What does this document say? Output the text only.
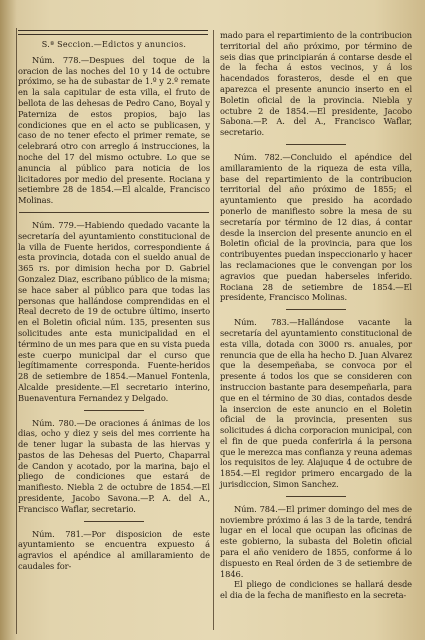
S.ª Seccion.—Edictos y anuncios.

Núm. 778.—Despues del toque de la oracion de las noches del 10 y 14 de octubre próximo, se ha de subastar de 1.º y 2.º remate en la sala capitular de esta villa, el fruto de bellota de las dehesas de Pedro Cano, Boyal y Paterniza de estos propios, bajo las condiciones que en el acto se publicasen, y caso de no tener efecto el primer remate, se celebrará otro con arreglo á instrucciones, la noche del 17 del mismo octubre. Lo que se anuncia al público para noticia de los licitadores por medio del presente. Rociana y setiembre 28 de 1854.—El alcalde, Francisco Molinas.

Núm. 779.—Habiendo quedado vacante la secretaría del ayuntamiento constitucional de la villa de Fuente heridos, correspondiente á esta provincia, dotada con el sueldo anual de 365 rs. por dimision hecha por D. Gabriel Gonzalez Diaz, escribano público de la misma; se hace saber al público para que todas las personas que hallándose comprendidas en el Real decreto de 19 de octubre último, inserto en el Boletin oficial núm. 135, presenten sus solicitudes ante esta municipalidad en el término de un mes para que en su vista pueda este cuerpo municipal dar el curso que legítimamente corresponda. Fuente-heridos 28 de setiembre de 1854.—Manuel Fontenla, Alcalde presidente.—El secretario interino, Buenaventura Fernandez y Delgado.

Núm. 780.—De oraciones á ánimas de los dias, ocho y diez y seis del mes corriente ha de tener lugar la subasta de las hiervas y pastos de las Dehesas del Puerto, Chaparral de Candon y acotado, por la marina, bajo el pliego de condiciones que estará de manifiesto. Niebla 2 de octubre de 1854.—El presidente, Jacobo Savona.—P. A. del A., Francisco Waflar, secretario.

Núm. 781.—Por disposicion de este ayuntamiento se encuentra expuesto á agravios el apéndice al amillaramiento de caudales for-

mado para el repartimiento de la contribucion territorial del año próximo, por término de seis dias que principiarán á contarse desde el de la fecha á estos vecinos, y á los hacendados forasteros, desde el en que aparezca el presente anuncio inserto en el Boletin oficial de la provincia. Niebla y octubre 2 de 1854.—El presidente, Jacobo Sabona.—P. A. del A., Francisco Waflar, secretario.

Núm. 782.—Concluido el apéndice del amillaramiento de la riqueza de esta villa, base del repartimiento de la contribucion territorial del año próximo de 1855; el ayuntamiento que presido ha acordado ponerlo de manifiesto sobre la mesa de su secretaría por término de 12 dias, á contar desde la insercion del presente anuncio en el Boletin oficial de la provincia, para que los contribuyentes puedan inspeccionarlo y hacer las reclamaciones que le convengan por los agravios que puedan haberseles inferido. Rociana 28 de setiembre de 1854.—El presidente, Francisco Molinas.

Núm. 783.—Hallándose vacante la secretaría del ayuntamiento constitucional de esta villa, dotada con 3000 rs. anuales, por renuncia que de ella ha hecho D. Juan Alvarez que la desempeñaba, se convoca por el presente á todos los que se consideren con instruccion bastante para desempeñarla, para que en el término de 30 dias, contados desde la insercion de este anuncio en el Boletin oficial de la provincia, presenten sus solicitudes á dicha corporacion municipal, con el fin de que pueda conferirla á la persona que le merezca mas confianza y reuna ademas los requisitos de ley. Alajuque 4 de octubre de 1854.—El regidor primero encargado de la jurisdiccion, Simon Sanchez.

Núm. 784.—El primer domingo del mes de noviembre próximo á las 3 de la tarde, tendrá lugar en el local que ocupan las oficinas de este gobierno, la subasta del Boletin oficial para el año venidero de 1855, conforme á lo dispuesto en Real órden de 3 de setiembre de 1846.

El pliego de condiciones se hallará desde el dia de la fecha de manifiesto en la secreta-
